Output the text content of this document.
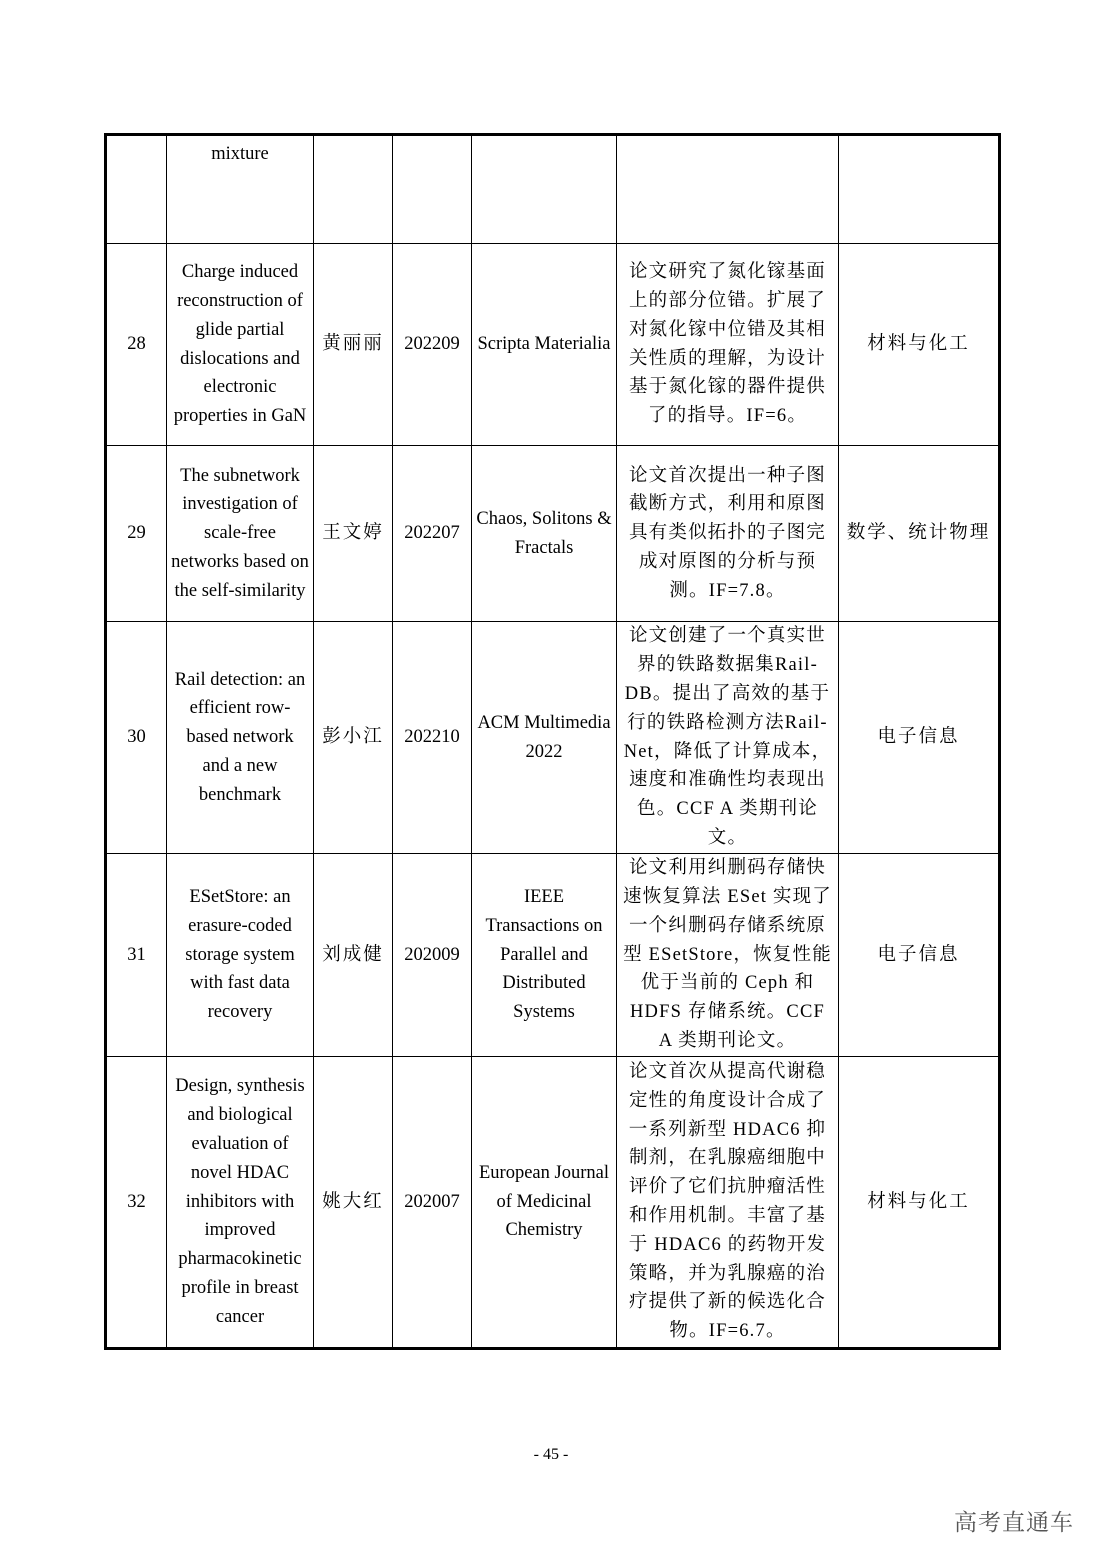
	mixture					
28	Charge induced reconstruction of glide partial dislocations and electronic properties in GaN	黄丽丽	202209	Scripta Materialia	论文研究了氮化镓基面上的部分位错。扩展了对氮化镓中位错及其相关性质的理解，为设计基于氮化镓的器件提供了的指导。IF=6。	材料与化工
29	The subnetwork investigation of scale-free networks based on the self-similarity	王文婷	202207	Chaos, Solitons & Fractals	论文首次提出一种子图截断方式，利用和原图具有类似拓扑的子图完成对原图的分析与预测。IF=7.8。	数学、统计物理
30	Rail detection: an efficient row-based network and a new benchmark	彭小江	202210	ACM Multimedia 2022	论文创建了一个真实世界的铁路数据集Rail-DB。提出了高效的基于行的铁路检测方法Rail-Net，降低了计算成本，速度和准确性均表现出色。CCF A 类期刊论文。	电子信息
31	ESetStore: an erasure-coded storage system with fast data recovery	刘成健	202009	IEEE Transactions on Parallel and Distributed Systems	论文利用纠删码存储快速恢复算法 ESet 实现了一个纠删码存储系统原型 ESetStore，恢复性能优于当前的 Ceph 和 HDFS 存储系统。CCF A 类期刊论文。	电子信息
32	Design, synthesis and biological evaluation of novel HDAC inhibitors with improved pharmacokinetic profile in breast cancer	姚大红	202007	European Journal of Medicinal Chemistry	论文首次从提高代谢稳定性的角度设计合成了一系列新型 HDAC6 抑制剂，在乳腺癌细胞中评价了它们抗肿瘤活性和作用机制。丰富了基于 HDAC6 的药物开发策略，并为乳腺癌的治疗提供了新的候选化合物。IF=6.7。	材料与化工
- 45 -
高考直通车
